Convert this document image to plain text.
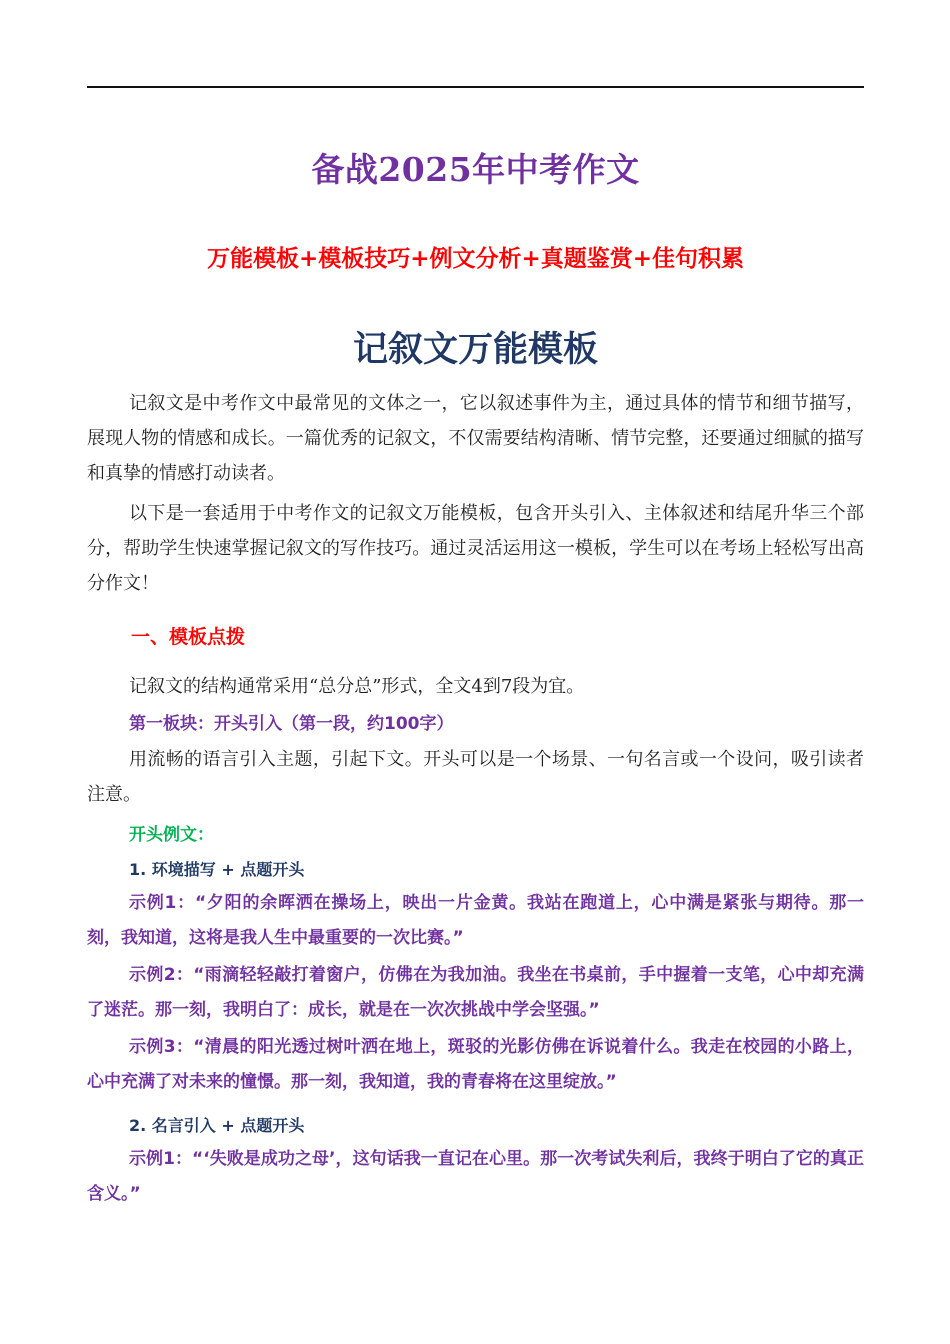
备战2025年中考作文
万能模板+模板技巧+例文分析+真题鉴赏+佳句积累
记叙文万能模板

记叙文是中考作文中最常见的文体之一，它以叙述事件为主，通过具体的情节和细节描写，展现人物的情感和成长。一篇优秀的记叙文，不仅需要结构清晰、情节完整，还要通过细腻的描写和真挚的情感打动读者。

以下是一套适用于中考作文的记叙文万能模板，包含开头引入、主体叙述和结尾升华三个部分，帮助学生快速掌握记叙文的写作技巧。通过灵活运用这一模板，学生可以在考场上轻松写出高分作文！

一、模板点拨

记叙文的结构通常采用“总分总”形式，全文4到7段为宜。

第一板块：开头引入（第一段，约100字）

用流畅的语言引入主题，引起下文。开头可以是一个场景、一句名言或一个设问，吸引读者注意。

开头例文：
1. 环境描写 + 点题开头

示例1：“夕阳的余晖洒在操场上，映出一片金黄。我站在跑道上，心中满是紧张与期待。那一刻，我知道，这将是我人生中最重要的一次比赛。”

示例2：“雨滴轻轻敲打着窗户，仿佛在为我加油。我坐在书桌前，手中握着一支笔，心中却充满了迷茫。那一刻，我明白了：成长，就是在一次次挑战中学会坚强。”

示例3：“清晨的阳光透过树叶洒在地上，斑驳的光影仿佛在诉说着什么。我走在校园的小路上，心中充满了对未来的憧憬。那一刻，我知道，我的青春将在这里绽放。”

2. 名言引入 + 点题开头

示例1：“‘失败是成功之母’，这句话我一直记在心里。那一次考试失利后，我终于明白了它的真正含义。”
